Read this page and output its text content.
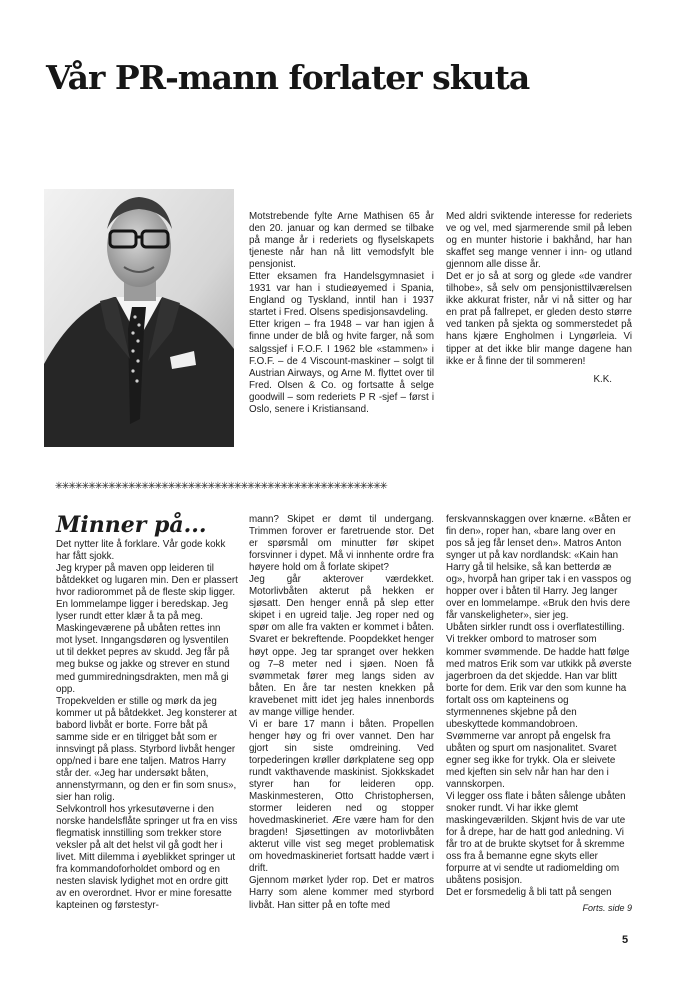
Vår PR-mann forlater skuta

Motstrebende fylte Arne Mathisen 65 år den 20. januar og kan dermed se tilbake på mange år i rederiets og flyselskapets tjeneste når han nå litt vemodsfylt ble pensjonist.

Etter eksamen fra Handelsgymnasiet i 1931 var han i studieøyemed i Spania, England og Tyskland, inntil han i 1937 startet i Fred. Olsens spedisjonsavdeling.

Etter krigen – fra 1948 – var han igjen å finne under de blå og hvite farger, nå som salgssjef i F.O.F. I 1962 ble «stammen» i F.O.F. – de 4 Viscount-maskiner – solgt til Austrian Airways, og Arne M. flyttet over til Fred. Olsen & Co. og fortsatte å selge goodwill – som rederiets P R -sjef – først i Oslo, senere i Kristiansand.

Med aldri sviktende interesse for rederiets ve og vel, med sjarmerende smil på leben og en munter historie i bakhånd, har han skaffet seg mange venner i inn- og utland gjennom alle disse år.

Det er jo så at sorg og glede «de vandrer tilhobe», så selv om pensjonisttilværelsen ikke akkurat frister, når vi nå sitter og har en prat på fallrepet, er gleden desto større ved tanken på sjekta og sommerstedet på hans kjære Engholmen i Lyngørleia. Vi tipper at det ikke blir mange dagene han ikke er å finne der til sommeren!

K.K.

✳✳✳✳✳✳✳✳✳✳✳✳✳✳✳✳✳✳✳✳✳✳✳✳✳✳✳✳✳✳✳✳✳✳✳✳✳✳✳✳✳✳✳✳✳✳✳✳✳✳
Minner på...

Det nytter lite å forklare. Vår gode kokk har fått sjokk.

Jeg kryper på maven opp leideren til båtdekket og lugaren min. Den er plassert hvor radiorommet på de fleste skip ligger. En lommelampe ligger i beredskap. Jeg lyser rundt etter klær å ta på meg. Maskingeværene på ubåten rettes inn mot lyset. Inngangsdøren og lysventilen ut til dekket pepres av skudd. Jeg får på meg bukse og jakke og strever en stund med gummiredningsdrakten, men må gi opp.

Tropekvelden er stille og mørk da jeg kommer ut på båtdekket. Jeg konsterer at babord livbåt er borte. Forre båt på samme side er en tilrigget båt som er innsvingt på plass. Styrbord livbåt henger opp/ned i bare ene taljen. Matros Harry står der. «Jeg har undersøkt båten, annenstyrmann, og den er fin som snus», sier han rolig.

Selvkontroll hos yrkesutøverne i den norske handelsflåte springer ut fra en viss flegmatisk innstilling som trekker store veksler på alt det helst vil gå godt her i livet. Mitt dilemma i øyeblikket springer ut fra kommandoforholdet ombord og en nesten slavisk lydighet mot en ordre gitt av en overordnet. Hvor er mine foresatte kapteinen og førstestyr-

mann? Skipet er dømt til undergang. Trimmen forover er faretruende stor. Det er spørsmål om minutter før skipet forsvinner i dypet. Må vi innhente ordre fra høyere hold om å forlate skipet?

Jeg går akterover værdekket. Motorlivbåten akterut på hekken er sjøsatt. Den henger ennå på slep etter skipet i en ugreid talje. Jeg roper ned og spør om alle fra vakten er kommet i båten. Svaret er bekreftende. Poopdekket henger høyt oppe. Jeg tar spranget over hekken og 7–8 meter ned i sjøen. Noen få svømmetak fører meg langs siden av båten. En åre tar nesten knekken på kravebenet mitt idet jeg hales innenbords av mange villige hender.

Vi er bare 17 mann i båten. Propellen henger høy og fri over vannet. Den har gjort sin siste omdreining. Ved torpederingen krøller dørkplatene seg opp rundt vakthavende maskinist. Sjokkskadet styrer han for leideren opp. Maskinmesteren, Otto Christophersen, stormer leideren ned og stopper hovedmaskineriet. Ære være ham for den bragden! Sjøsettingen av motorlivbåten akterut ville vist seg meget problematisk om hovedmaskineriet fortsatt hadde vært i drift.

Gjennom mørket lyder rop. Det er matros Harry som alene kommer med styrbord livbåt. Han sitter på en tofte med

ferskvannskaggen over knærne. «Båten er fin den», roper han, «bare lang over en pos så jeg får lenset den». Matros Anton synger ut på kav nordlandsk: «Kain han Harry gå til helsike, så kan betterdø æ og», hvorpå han griper tak i en vasspos og hopper over i båten til Harry. Jeg langer over en lommelampe. «Bruk den hvis dere får vanskeligheter», sier jeg.

Ubåten sirkler rundt oss i overflatestilling. Vi trekker ombord to matroser som kommer svømmende. De hadde hatt følge med matros Erik som var utkikk på øverste jagerbroen da det skjedde. Han var blitt borte for dem. Erik var den som kunne ha fortalt oss om kapteinens og styrmennenes skjebne på den ubeskyttede kommandobroen. Svømmerne var anropt på engelsk fra ubåten og spurt om nasjonalitet. Svaret egner seg ikke for trykk. Ola er sleivete med kjeften sin selv når han har den i vannskorpen.

Vi legger oss flate i båten sålenge ubåten snoker rundt. Vi har ikke glemt maskingeværilden. Skjønt hvis de var ute for å drepe, har de hatt god anledning. Vi får tro at de brukte skytset for å skremme oss fra å bemanne egne skyts eller forpurre at vi sendte ut radiomelding om ubåtens posisjon.

Det er forsmedelig å bli tatt på sengen

Forts. side 9

5
